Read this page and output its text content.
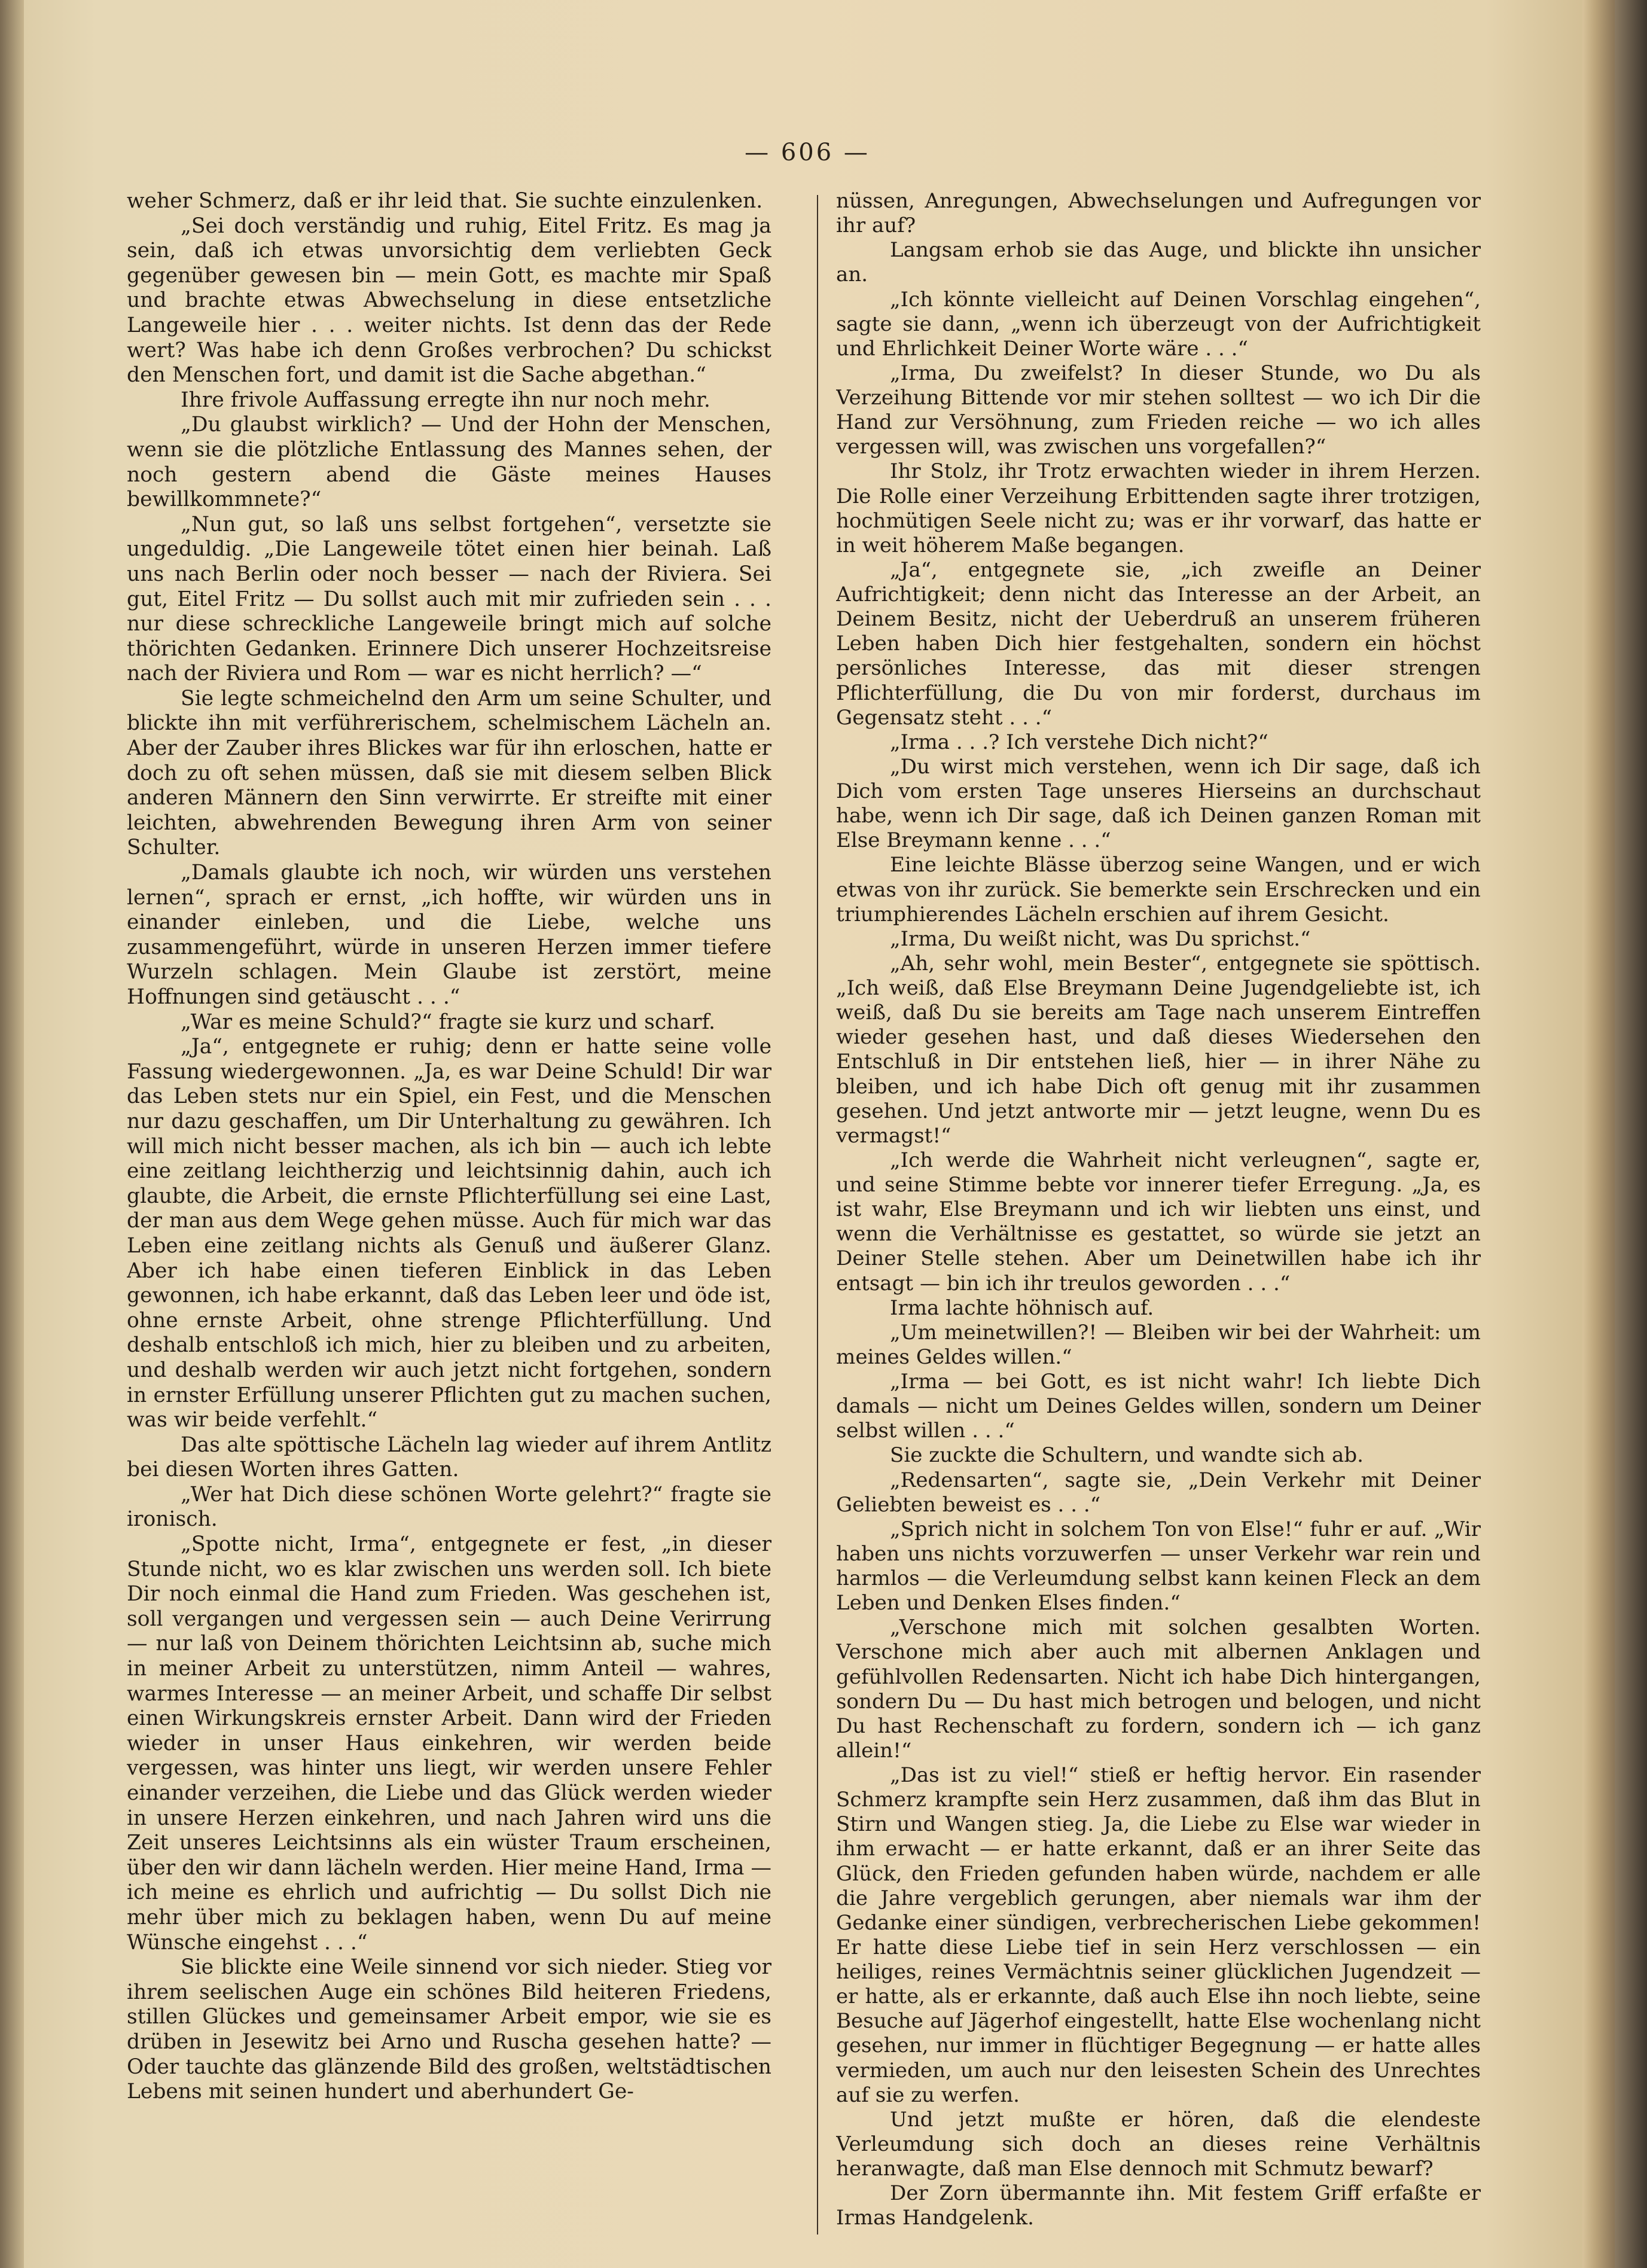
— 606 —

weher Schmerz, daß er ihr leid that. Sie suchte einzulenken.

„Sei doch verständig und ruhig, Eitel Fritz. Es mag ja sein, daß ich etwas unvorsichtig dem verliebten Geck gegenüber gewesen bin — mein Gott, es machte mir Spaß und brachte etwas Abwechselung in diese entsetzliche Langeweile hier . . . weiter nichts. Ist denn das der Rede wert? Was habe ich denn Großes verbrochen? Du schickst den Menschen fort, und damit ist die Sache abgethan.“

Ihre frivole Auffassung erregte ihn nur noch mehr.

„Du glaubst wirklich? — Und der Hohn der Menschen, wenn sie die plötzliche Entlassung des Mannes sehen, der noch gestern abend die Gäste meines Hauses bewillkommnete?“

„Nun gut, so laß uns selbst fortgehen“, versetzte sie ungeduldig. „Die Langeweile tötet einen hier beinah. Laß uns nach Berlin oder noch besser — nach der Riviera. Sei gut, Eitel Fritz — Du sollst auch mit mir zufrieden sein . . . nur diese schreckliche Langeweile bringt mich auf solche thörichten Gedanken. Erinnere Dich unserer Hochzeitsreise nach der Riviera und Rom — war es nicht herrlich? —“

Sie legte schmeichelnd den Arm um seine Schulter, und blickte ihn mit verführerischem, schelmischem Lächeln an. Aber der Zauber ihres Blickes war für ihn erloschen, hatte er doch zu oft sehen müssen, daß sie mit diesem selben Blick anderen Männern den Sinn verwirrte. Er streifte mit einer leichten, abwehrenden Bewegung ihren Arm von seiner Schulter.

„Damals glaubte ich noch, wir würden uns verstehen lernen“, sprach er ernst, „ich hoffte, wir würden uns in einander einleben, und die Liebe, welche uns zusammengeführt, würde in unseren Herzen immer tiefere Wurzeln schlagen. Mein Glaube ist zerstört, meine Hoffnungen sind getäuscht . . .“

„War es meine Schuld?“ fragte sie kurz und scharf.

„Ja“, entgegnete er ruhig; denn er hatte seine volle Fassung wiedergewonnen. „Ja, es war Deine Schuld! Dir war das Leben stets nur ein Spiel, ein Fest, und die Menschen nur dazu geschaffen, um Dir Unterhaltung zu gewähren. Ich will mich nicht besser machen, als ich bin — auch ich lebte eine zeitlang leichtherzig und leichtsinnig dahin, auch ich glaubte, die Arbeit, die ernste Pflichterfüllung sei eine Last, der man aus dem Wege gehen müsse. Auch für mich war das Leben eine zeitlang nichts als Genuß und äußerer Glanz. Aber ich habe einen tieferen Einblick in das Leben gewonnen, ich habe erkannt, daß das Leben leer und öde ist, ohne ernste Arbeit, ohne strenge Pflichterfüllung. Und deshalb entschloß ich mich, hier zu bleiben und zu arbeiten, und deshalb werden wir auch jetzt nicht fortgehen, sondern in ernster Erfüllung unserer Pflichten gut zu machen suchen, was wir beide verfehlt.“

Das alte spöttische Lächeln lag wieder auf ihrem Antlitz bei diesen Worten ihres Gatten.

„Wer hat Dich diese schönen Worte gelehrt?“ fragte sie ironisch.

„Spotte nicht, Irma“, entgegnete er fest, „in dieser Stunde nicht, wo es klar zwischen uns werden soll. Ich biete Dir noch einmal die Hand zum Frieden. Was geschehen ist, soll vergangen und vergessen sein — auch Deine Verirrung — nur laß von Deinem thörichten Leichtsinn ab, suche mich in meiner Arbeit zu unterstützen, nimm Anteil — wahres, warmes Interesse — an meiner Arbeit, und schaffe Dir selbst einen Wirkungskreis ernster Arbeit. Dann wird der Frieden wieder in unser Haus einkehren, wir werden beide vergessen, was hinter uns liegt, wir werden unsere Fehler einander verzeihen, die Liebe und das Glück werden wieder in unsere Herzen einkehren, und nach Jahren wird uns die Zeit unseres Leichtsinns als ein wüster Traum erscheinen, über den wir dann lächeln werden. Hier meine Hand, Irma — ich meine es ehrlich und aufrichtig — Du sollst Dich nie mehr über mich zu beklagen haben, wenn Du auf meine Wünsche eingehst . . .“

Sie blickte eine Weile sinnend vor sich nieder. Stieg vor ihrem seelischen Auge ein schönes Bild heiteren Friedens, stillen Glückes und gemeinsamer Arbeit empor, wie sie es drüben in Jesewitz bei Arno und Ruscha gesehen hatte? — Oder tauchte das glänzende Bild des großen, weltstädtischen Lebens mit seinen hundert und aberhundert Ge-

nüssen, Anregungen, Abwechselungen und Aufregungen vor ihr auf?

Langsam erhob sie das Auge, und blickte ihn unsicher an.

„Ich könnte vielleicht auf Deinen Vorschlag eingehen“, sagte sie dann, „wenn ich überzeugt von der Aufrichtigkeit und Ehrlichkeit Deiner Worte wäre . . .“

„Irma, Du zweifelst? In dieser Stunde, wo Du als Verzeihung Bittende vor mir stehen solltest — wo ich Dir die Hand zur Versöhnung, zum Frieden reiche — wo ich alles vergessen will, was zwischen uns vorgefallen?“

Ihr Stolz, ihr Trotz erwachten wieder in ihrem Herzen. Die Rolle einer Verzeihung Erbittenden sagte ihrer trotzigen, hochmütigen Seele nicht zu; was er ihr vorwarf, das hatte er in weit höherem Maße begangen.

„Ja“, entgegnete sie, „ich zweifle an Deiner Aufrichtigkeit; denn nicht das Interesse an der Arbeit, an Deinem Besitz, nicht der Ueberdruß an unserem früheren Leben haben Dich hier festgehalten, sondern ein höchst persönliches Interesse, das mit dieser strengen Pflichterfüllung, die Du von mir forderst, durchaus im Gegensatz steht . . .“

„Irma . . .? Ich verstehe Dich nicht?“

„Du wirst mich verstehen, wenn ich Dir sage, daß ich Dich vom ersten Tage unseres Hierseins an durchschaut habe, wenn ich Dir sage, daß ich Deinen ganzen Roman mit Else Breymann kenne . . .“

Eine leichte Blässe überzog seine Wangen, und er wich etwas von ihr zurück. Sie bemerkte sein Erschrecken und ein triumphierendes Lächeln erschien auf ihrem Gesicht.

„Irma, Du weißt nicht, was Du sprichst.“

„Ah, sehr wohl, mein Bester“, entgegnete sie spöttisch. „Ich weiß, daß Else Breymann Deine Jugendgeliebte ist, ich weiß, daß Du sie bereits am Tage nach unserem Eintreffen wieder gesehen hast, und daß dieses Wiedersehen den Entschluß in Dir entstehen ließ, hier — in ihrer Nähe zu bleiben, und ich habe Dich oft genug mit ihr zusammen gesehen. Und jetzt antworte mir — jetzt leugne, wenn Du es vermagst!“

„Ich werde die Wahrheit nicht verleugnen“, sagte er, und seine Stimme bebte vor innerer tiefer Erregung. „Ja, es ist wahr, Else Breymann und ich wir liebten uns einst, und wenn die Verhältnisse es gestattet, so würde sie jetzt an Deiner Stelle stehen. Aber um Deinetwillen habe ich ihr entsagt — bin ich ihr treulos geworden . . .“

Irma lachte höhnisch auf.

„Um meinetwillen?! — Bleiben wir bei der Wahrheit: um meines Geldes willen.“

„Irma — bei Gott, es ist nicht wahr! Ich liebte Dich damals — nicht um Deines Geldes willen, sondern um Deiner selbst willen . . .“

Sie zuckte die Schultern, und wandte sich ab.

„Redensarten“, sagte sie, „Dein Verkehr mit Deiner Geliebten beweist es . . .“

„Sprich nicht in solchem Ton von Else!“ fuhr er auf. „Wir haben uns nichts vorzuwerfen — unser Verkehr war rein und harmlos — die Verleumdung selbst kann keinen Fleck an dem Leben und Denken Elses finden.“

„Verschone mich mit solchen gesalbten Worten. Verschone mich aber auch mit albernen Anklagen und gefühlvollen Redensarten. Nicht ich habe Dich hintergangen, sondern Du — Du hast mich betrogen und belogen, und nicht Du hast Rechenschaft zu fordern, sondern ich — ich ganz allein!“

„Das ist zu viel!“ stieß er heftig hervor. Ein rasender Schmerz krampfte sein Herz zusammen, daß ihm das Blut in Stirn und Wangen stieg. Ja, die Liebe zu Else war wieder in ihm erwacht — er hatte erkannt, daß er an ihrer Seite das Glück, den Frieden gefunden haben würde, nachdem er alle die Jahre vergeblich gerungen, aber niemals war ihm der Gedanke einer sündigen, verbrecherischen Liebe gekommen! Er hatte diese Liebe tief in sein Herz verschlossen — ein heiliges, reines Vermächtnis seiner glücklichen Jugendzeit — er hatte, als er erkannte, daß auch Else ihn noch liebte, seine Besuche auf Jägerhof eingestellt, hatte Else wochenlang nicht gesehen, nur immer in flüchtiger Begegnung — er hatte alles vermieden, um auch nur den leisesten Schein des Unrechtes auf sie zu werfen.

Und jetzt mußte er hören, daß die elendeste Verleumdung sich doch an dieses reine Verhältnis heranwagte, daß man Else dennoch mit Schmutz bewarf?

Der Zorn übermannte ihn. Mit festem Griff erfaßte er Irmas Handgelenk.
